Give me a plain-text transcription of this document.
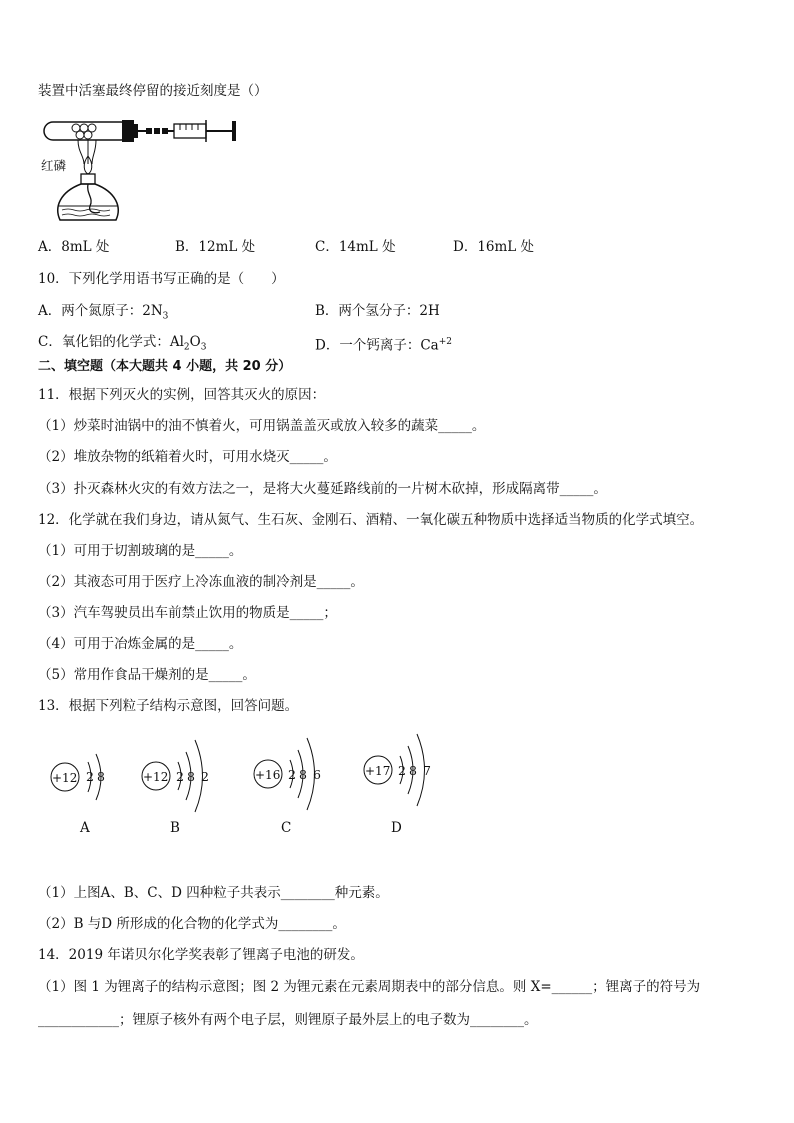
装置中活塞最终停留的接近刻度是（）
红磷
A．8mL 处	B．12mL 处	C．14mL 处	D．16mL 处
10．下列化学用语书写正确的是（　　）
A．两个氮原子：$2N_3$	B．两个氢分子：2H
C．氧化铝的化学式：$Al_2O_3$	D．一个钙离子：$Ca^{+2}$
二、填空题（本大题共 4 小题，共 20 分）
11．根据下列灭火的实例，回答其灭火的原因：
（1）炒菜时油锅中的油不慎着火，可用锅盖盖灭或放入较多的蔬菜_____。
（2）堆放杂物的纸箱着火时，可用水烧灭_____。
（3）扑灭森林火灾的有效方法之一，是将大火蔓延路线前的一片树木砍掉，形成隔离带_____。
12．化学就在我们身边，请从氮气、生石灰、金刚石、酒精、一氧化碳五种物质中选择适当物质的化学式填空。
（1）可用于切割玻璃的是_____。
（2）其液态可用于医疗上冷冻血液的制冷剂是_____。
（3）汽车驾驶员出车前禁止饮用的物质是_____；
（4）可用于冶炼金属的是_____。
（5）常用作食品干燥剂的是_____。
13．根据下列粒子结构示意图，回答问题。
+12 2 8
A
+12 2 8 2
B
+16 2 8 6
C
+17 2 8 7
D
（1）上图A、B、C、D 四种粒子共表示________种元素。
（2）B 与D 所形成的化合物的化学式为________。
14．2019 年诺贝尔化学奖表彰了锂离子电池的研发。
（1）图 1 为锂离子的结构示意图；图 2 为锂元素在元素周期表中的部分信息。则 X=______；锂离子的符号为
____________；锂原子核外有两个电子层，则锂原子最外层上的电子数为________。
